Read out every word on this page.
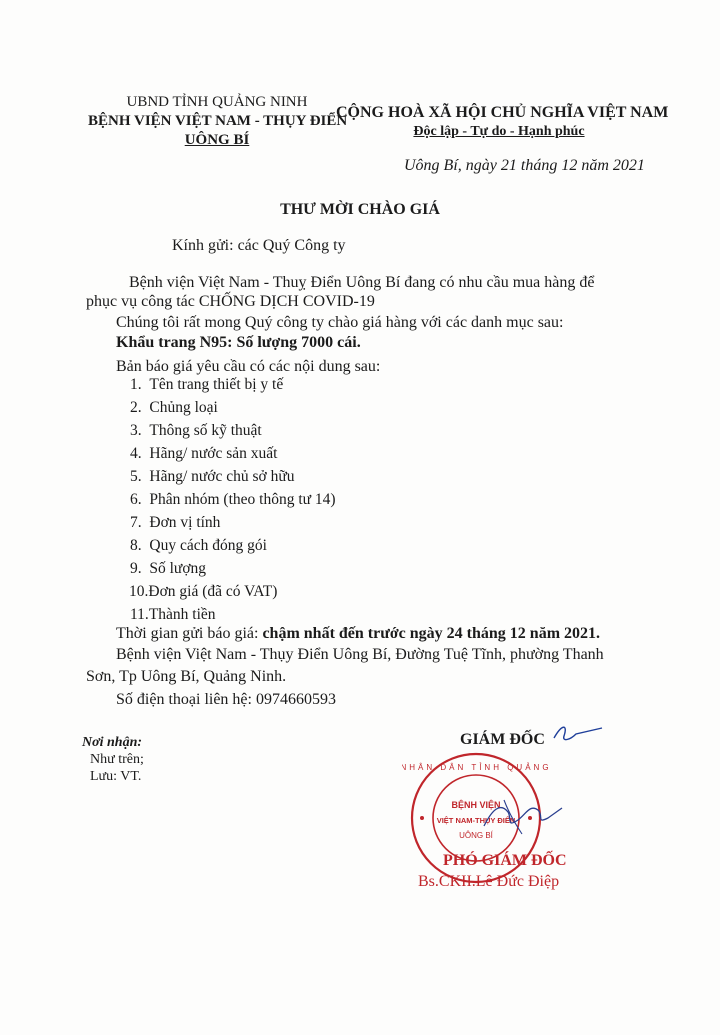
UBND TỈNH QUẢNG NINH
BỆNH VIỆN VIỆT NAM - THỤY ĐIỂN
UÔNG BÍ
CỘNG HOÀ XÃ HỘI CHỦ NGHĨA VIỆT NAM
Độc lập - Tự do - Hạnh phúc
Uông Bí, ngày 21 tháng 12 năm 2021
THƯ MỜI CHÀO GIÁ
Kính gửi: các Quý Công ty
Bệnh viện Việt Nam - Thuỵ Điển Uông Bí đang có nhu cầu mua hàng để
phục vụ công tác CHỐNG DỊCH COVID-19
Chúng tôi rất mong Quý công ty chào giá hàng với các danh mục sau:
Khẩu trang N95: Số lượng 7000 cái.
Bản báo giá yêu cầu có các nội dung sau:
1. Tên trang thiết bị y tế
2. Chủng loại
3. Thông số kỹ thuật
4. Hãng/ nước sản xuất
5. Hãng/ nước chủ sở hữu
6. Phân nhóm (theo thông tư 14)
7. Đơn vị tính
8. Quy cách đóng gói
9. Số lượng
10.Đơn giá (đã có VAT)
11.Thành tiền
Thời gian gửi báo giá: chậm nhất đến trước ngày 24 tháng 12 năm 2021.
Bệnh viện Việt Nam - Thụy Điển Uông Bí, Đường Tuệ Tĩnh, phường Thanh
Sơn, Tp Uông Bí, Quảng Ninh.
Số điện thoại liên hệ: 0974660593
Nơi nhận:
Như trên;
Lưu: VT.
GIÁM ĐỐC
NHÂN DÂN TỈNH QUẢNG
BỆNH VIỆN
VIỆT NAM-THỤY ĐIỂN
UÔNG BÍ
PHÓ GIÁM ĐỐC
Bs.CKII.Lê Đức Điệp
